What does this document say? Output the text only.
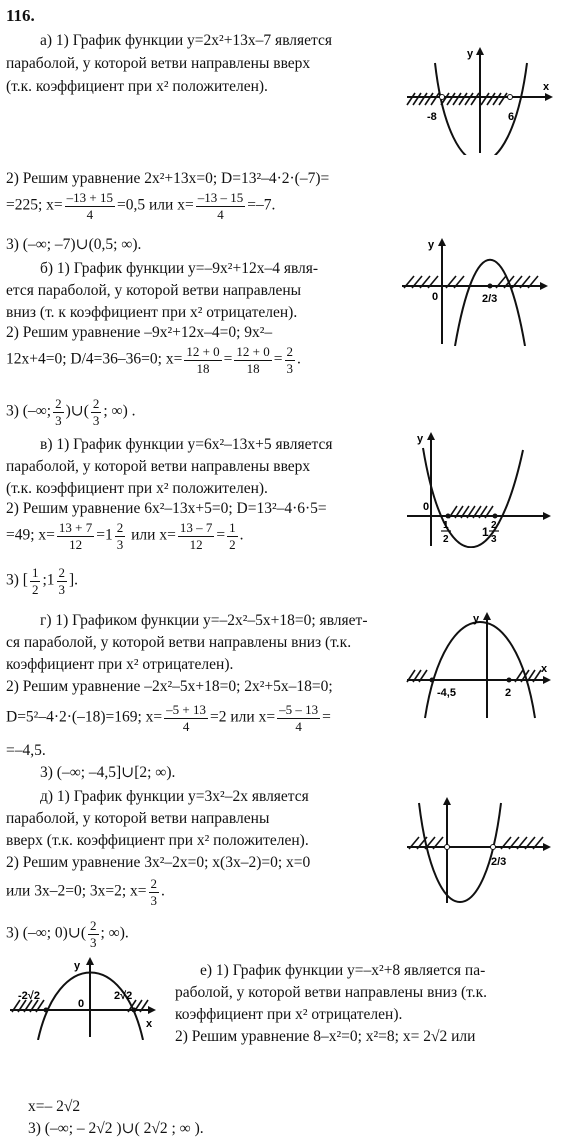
116.
а) 1) График функции y=2x²+13x–7 является
параболой, у которой ветви направлены вверх
(т.к. коэффициент при x² положителен).
2) Решим уравнение 2x²+13x=0; D=13²–4·2·(–7)=
=225; $x= \frac{-13 + 15}{4} =0,5$ или $x= \frac{-13 - 15}{4} =-7$.
3) (–∞; –7)∪(0,5; ∞).
y
x
-8	6
б) 1) График функции y=–9x²+12x–4 явля-
ется параболой, у которой ветви направлены
вниз (т. к коэффициент при x² отрицателен).
2) Решим уравнение –9x²+12x–4=0; 9x²–
12x+4=0; D/4=36–36=0; $x= \frac{12 + 0}{18} = \frac{12 + 0}{18} = \frac{2}{3}$ .
3) (–∞; $\frac{2}{3}$ )∪( $\frac{2}{3}$ ; ∞) .
y
0	2/3
в) 1) График функции y=6x²–13x+5 является
параболой, у которой ветви направлены вверх
(т.к. коэффициент при x² положителен).
2) Решим уравнение 6x²–13x+5=0; D=13²–4·6·5=
=49; $x= \frac{13 + 7}{12} =1 \frac{2}{3}$ или $x= \frac{13 - 7}{12} = \frac{1}{2}$ .
3) [ $\frac{1}{2}$ ;1 $\frac{2}{3}$ ].
y
0
1
2
1 2
3
г) 1) Графиком функции y=–2x²–5x+18=0; являет-
ся параболой, у которой ветви направлены вниз (т.к.
коэффициент при x² отрицателен).
2) Решим уравнение –2x²–5x+18=0; 2x²+5x–18=0;
D=5²–4·2·(–18)=169; $x= \frac{-5 + 13}{4} =2$ или $x= \frac{-5 - 13}{4}$ =
=–4,5.
3) (–∞; –4,5]∪[2; ∞).
y
x
-4,5	2
д) 1) График функции y=3x²–2x является
параболой, у которой ветви направлены
вверх (т.к. коэффициент при x² положителен).
2) Решим уравнение 3x²–2x=0; x(3x–2)=0; x=0
или 3x–2=0; 3x=2; $x= \frac{2}{3}$ .
3) (–∞; 0)∪( $\frac{2}{3}$ ; ∞).
2/3
е) 1) График функции y=–x²+8 является па-
раболой, у которой ветви направлены вниз (т.к.
коэффициент при x² отрицателен).
2) Решим уравнение 8–x²=0; x²=8; x= 2√2 или
x=– 2√2
3) (–∞; – 2√2 )∪( 2√2 ; ∞ ).
y
x
0
-2√2	2√2
